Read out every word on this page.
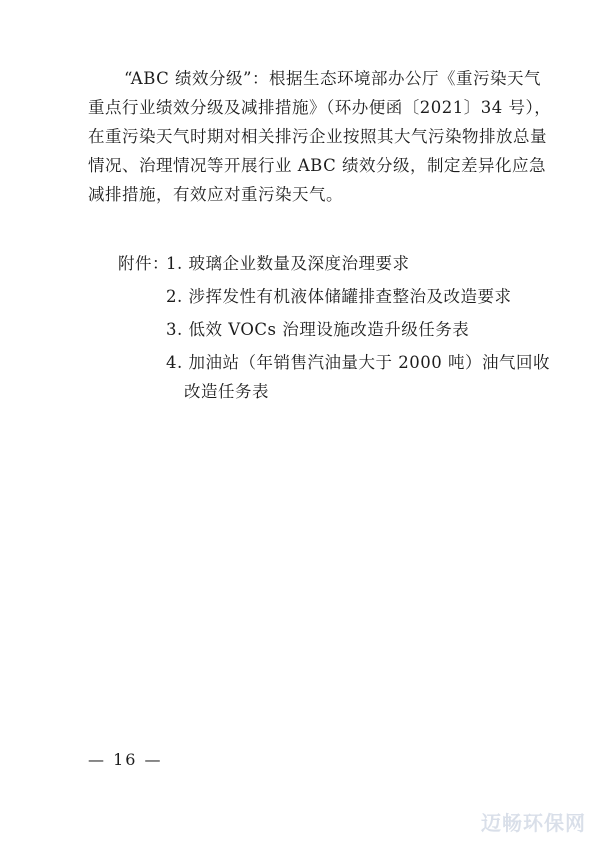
“ABC 绩效分级”：根据生态环境部办公厅《重污染天气
重点行业绩效分级及减排措施》（环办便函〔2021〕34 号），
在重污染天气时期对相关排污企业按照其大气污染物排放总量
情况、治理情况等开展行业 ABC 绩效分级，制定差异化应急
减排措施，有效应对重污染天气。
附件：
1. 玻璃企业数量及深度治理要求
2. 涉挥发性有机液体储罐排查整治及改造要求
3. 低效 VOCs 治理设施改造升级任务表
4. 加油站（年销售汽油量大于 2000 吨）油气回收
改造任务表
— 16 —
迈畅环保网
